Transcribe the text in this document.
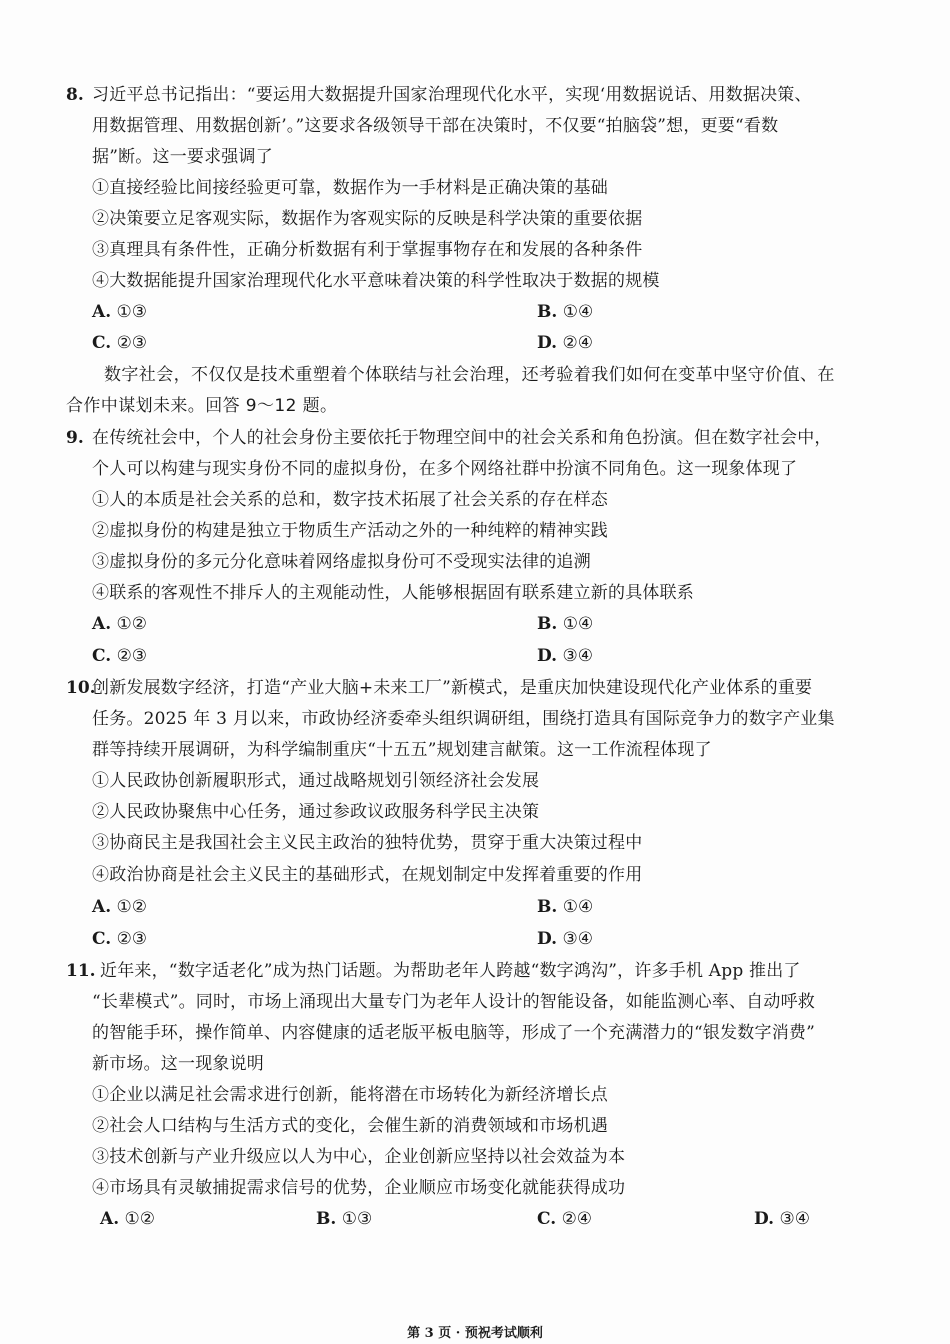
8. 习近平总书记指出：“要运用大数据提升国家治理现代化水平，实现‘用数据说话、用数据决策、
用数据管理、用数据创新’。”这要求各级领导干部在决策时，不仅要“拍脑袋”想，更要“看数
据”断。这一要求强调了
①直接经验比间接经验更可靠，数据作为一手材料是正确决策的基础
②决策要立足客观实际，数据作为客观实际的反映是科学决策的重要依据
③真理具有条件性，正确分析数据有利于掌握事物存在和发展的各种条件
④大数据能提升国家治理现代化水平意味着决策的科学性取决于数据的规模
A. ①③	B. ①④
C. ②③	D. ②④
数字社会，不仅仅是技术重塑着个体联结与社会治理，还考验着我们如何在变革中坚守价值、在
合作中谋划未来。回答 9～12 题。
9. 在传统社会中，个人的社会身份主要依托于物理空间中的社会关系和角色扮演。但在数字社会中，
个人可以构建与现实身份不同的虚拟身份，在多个网络社群中扮演不同角色。这一现象体现了
①人的本质是社会关系的总和，数字技术拓展了社会关系的存在样态
②虚拟身份的构建是独立于物质生产活动之外的一种纯粹的精神实践
③虚拟身份的多元分化意味着网络虚拟身份可不受现实法律的追溯
④联系的客观性不排斥人的主观能动性，人能够根据固有联系建立新的具体联系
A. ①②	B. ①④
C. ②③	D. ③④
10.
创新发展数字经济，打造“产业大脑+未来工厂”新模式，是重庆加快建设现代化产业体系的重要
任务。2025 年 3 月以来，市政协经济委牵头组织调研组，围绕打造具有国际竞争力的数字产业集
群等持续开展调研，为科学编制重庆“十五五”规划建言献策。这一工作流程体现了
①人民政协创新履职形式，通过战略规划引领经济社会发展
②人民政协聚焦中心任务，通过参政议政服务科学民主决策
③协商民主是我国社会主义民主政治的独特优势，贯穿于重大决策过程中
④政治协商是社会主义民主的基础形式，在规划制定中发挥着重要的作用
A. ①②	B. ①④
C. ②③	D. ③④
11. 近年来，“数字适老化”成为热门话题。为帮助老年人跨越“数字鸿沟”，许多手机 App 推出了
“长辈模式”。同时，市场上涌现出大量专门为老年人设计的智能设备，如能监测心率、自动呼救
的智能手环，操作简单、内容健康的适老版平板电脑等，形成了一个充满潜力的“银发数字消费”
新市场。这一现象说明
①企业以满足社会需求进行创新，能将潜在市场转化为新经济增长点
②社会人口结构与生活方式的变化，会催生新的消费领域和市场机遇
③技术创新与产业升级应以人为中心，企业创新应坚持以社会效益为本
④市场具有灵敏捕捉需求信号的优势，企业顺应市场变化就能获得成功
A. ①②	B. ①③	C. ②④	D. ③④
第 3 页 · 预祝考试顺利
